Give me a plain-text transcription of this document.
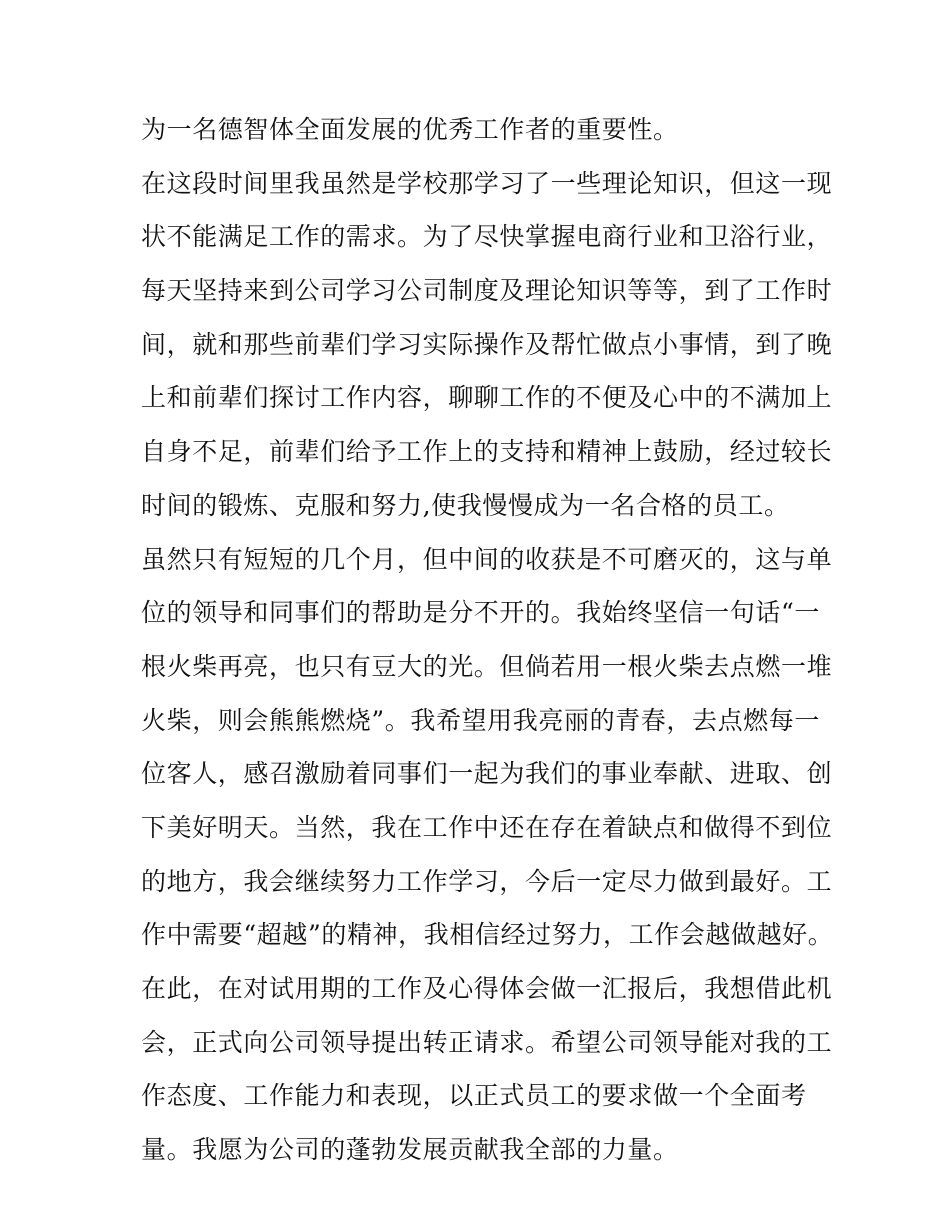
为一名德智体全面发展的优秀工作者的重要性。
在这段时间里我虽然是学校那学习了一些理论知识，但这一现
状不能满足工作的需求。为了尽快掌握电商行业和卫浴行业，
每天坚持来到公司学习公司制度及理论知识等等，到了工作时
间，就和那些前辈们学习实际操作及帮忙做点小事情，到了晚
上和前辈们探讨工作内容，聊聊工作的不便及心中的不满加上
自身不足，前辈们给予工作上的支持和精神上鼓励，经过较长
时间的锻炼、克服和努力,使我慢慢成为一名合格的员工。
虽然只有短短的几个月，但中间的收获是不可磨灭的，这与单
位的领导和同事们的帮助是分不开的。我始终坚信一句话“一
根火柴再亮，也只有豆大的光。但倘若用一根火柴去点燃一堆
火柴，则会熊熊燃烧”。我希望用我亮丽的青春，去点燃每一
位客人，感召激励着同事们一起为我们的事业奉献、进取、创
下美好明天。当然，我在工作中还在存在着缺点和做得不到位
的地方，我会继续努力工作学习，今后一定尽力做到最好。工
作中需要“超越”的精神，我相信经过努力，工作会越做越好。
在此，在对试用期的工作及心得体会做一汇报后，我想借此机
会，正式向公司领导提出转正请求。希望公司领导能对我的工
作态度、工作能力和表现，以正式员工的要求做一个全面考
量。我愿为公司的蓬勃发展贡献我全部的力量。
